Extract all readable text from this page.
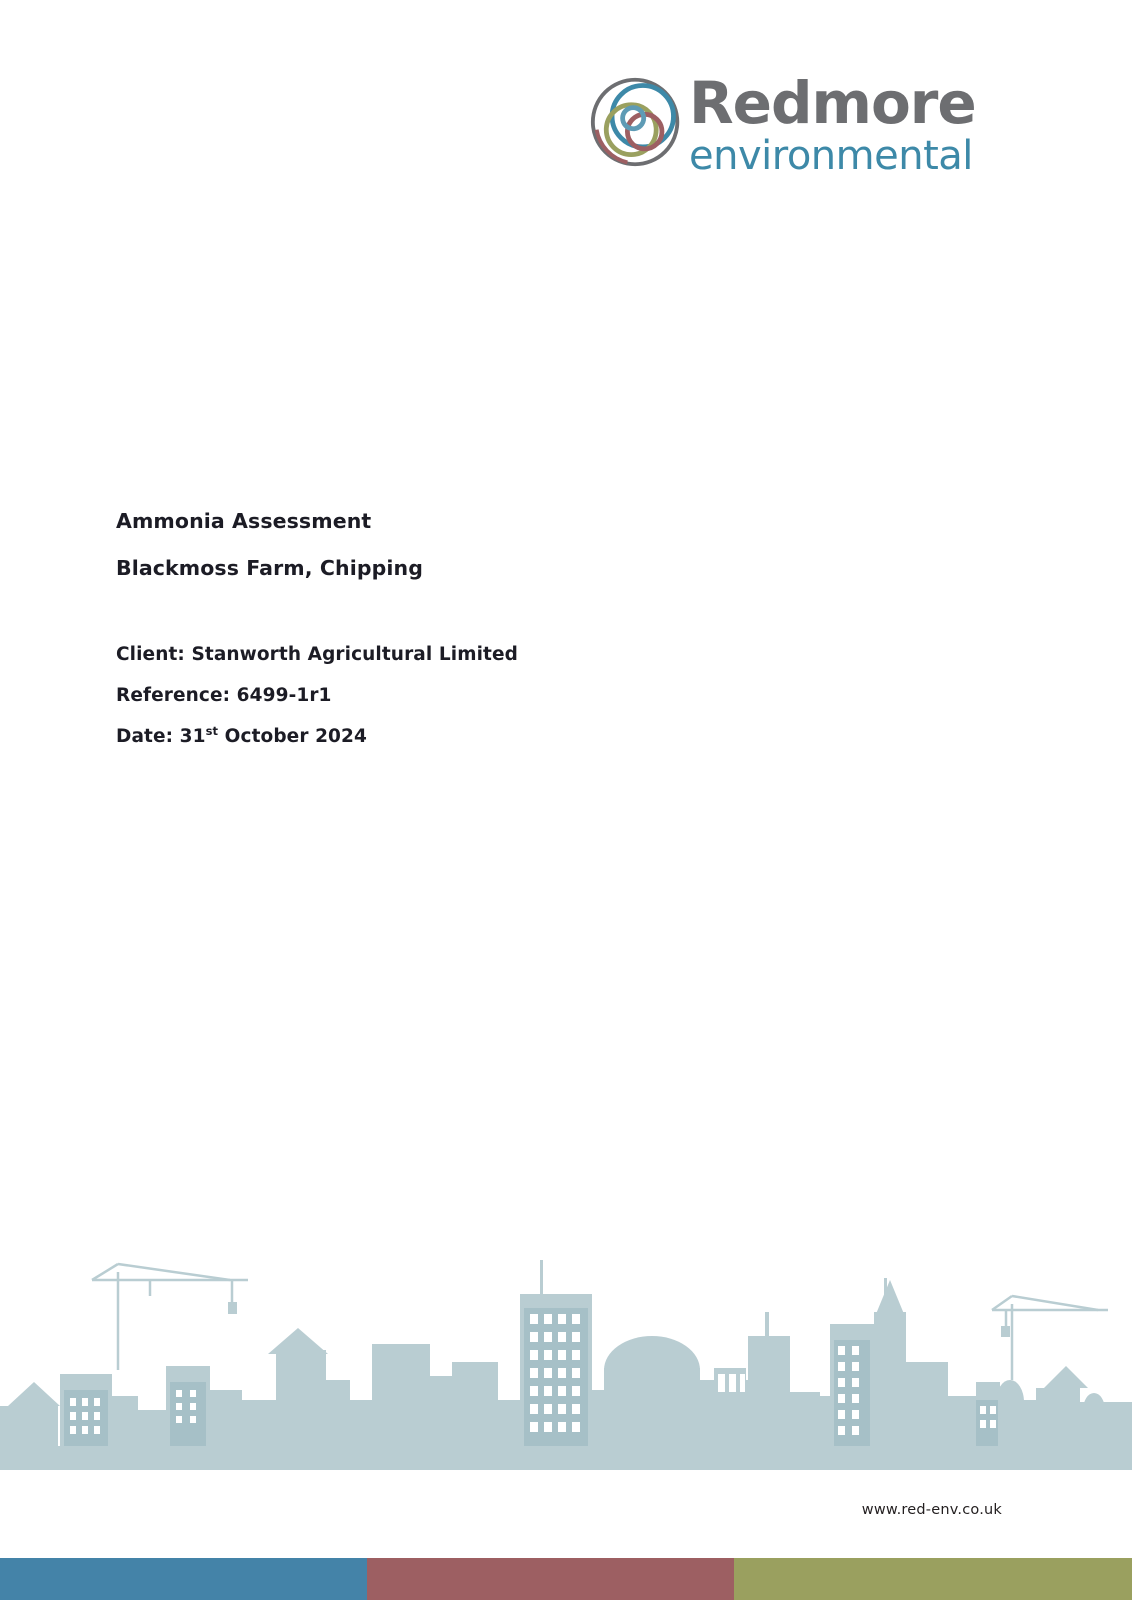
Redmore
environmental
Ammonia Assessment
Blackmoss Farm, Chipping
Client: Stanworth Agricultural Limited
Reference: 6499-1r1
Date: 31st October 2024
www.red-env.co.uk
